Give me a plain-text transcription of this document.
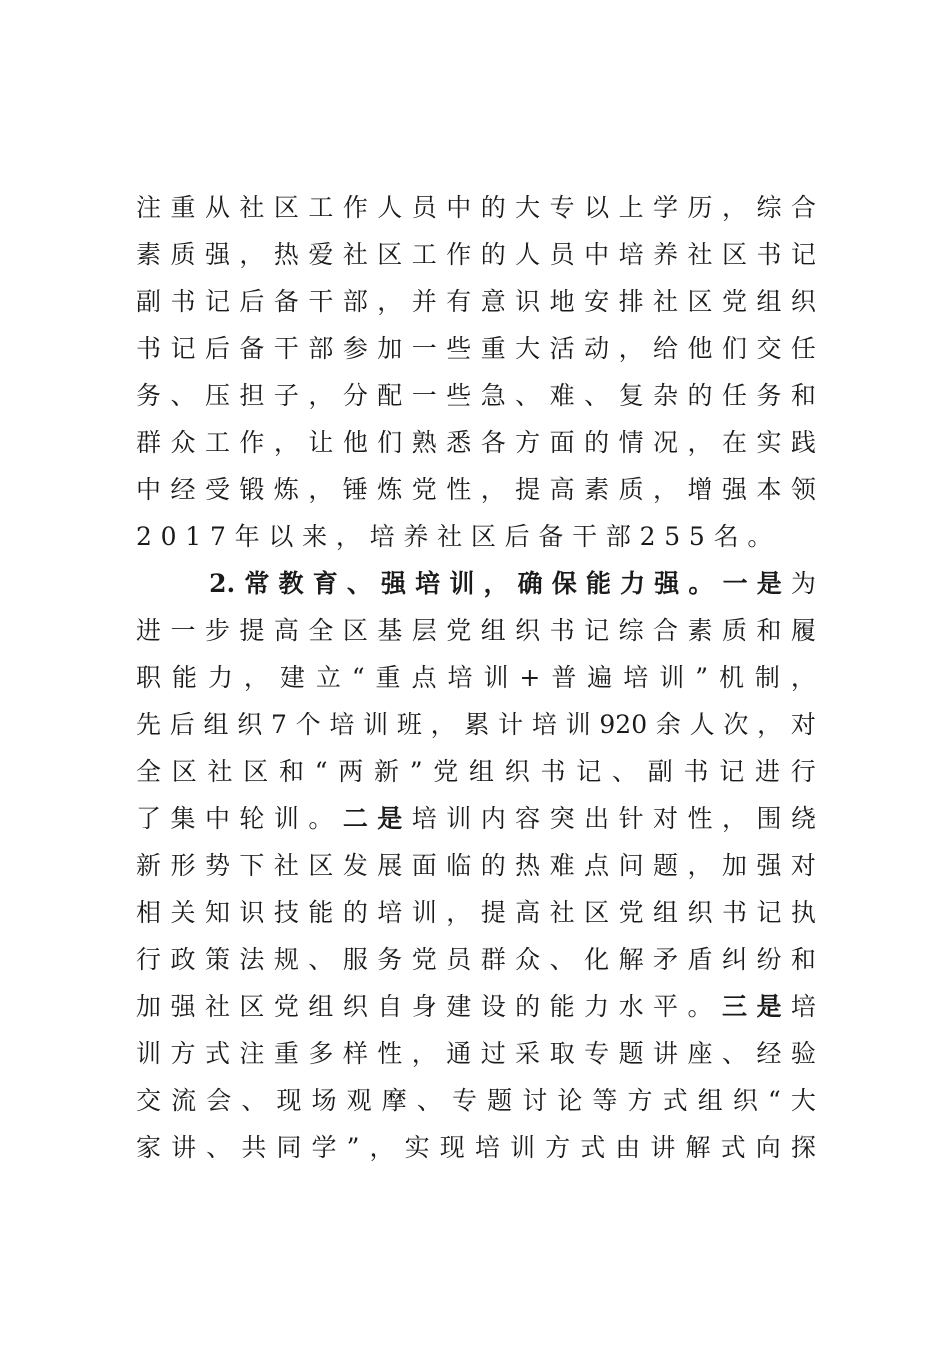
注 重 从 社 区 工 作 人 员 中 的 大 专 以 上 学 历 ， 综 合
素 质 强 ， 热 爱 社 区 工 作 的 人 员 中 培 养 社 区 书 记
副 书 记 后 备 干 部 ， 并 有 意 识 地 安 排 社 区 党 组 织
书 记 后 备 干 部 参 加 一 些 重 大 活 动 ， 给 他 们 交 任
务 、 压 担 子 ， 分 配 一 些 急 、 难 、 复 杂 的 任 务 和
群 众 工 作 ， 让 他 们 熟 悉 各 方 面 的 情 况 ， 在 实 践
中 经 受 锻 炼 ， 锤 炼 党 性 ， 提 高 素 质 ， 增 强 本 领
2017年以来，培养社区后备干部255名。
2. 常 教 育 、 强 培 训 ， 确 保 能 力 强 。 一 是 为
进 一 步 提 高 全 区 基 层 党 组 织 书 记 综 合 素 质 和 履
职 能 力 ， 建 立 “ 重 点 培 训 + 普 遍 培 训 ” 机 制 ，
先 后 组 织 7 个 培 训 班 ， 累 计 培 训 920 余 人 次 ， 对
全 区 社 区 和 “ 两 新 ” 党 组 织 书 记 、 副 书 记 进 行
了 集 中 轮 训 。 二 是 培 训 内 容 突 出 针 对 性 ， 围 绕
新 形 势 下 社 区 发 展 面 临 的 热 难 点 问 题 ， 加 强 对
相 关 知 识 技 能 的 培 训 ， 提 高 社 区 党 组 织 书 记 执
行 政 策 法 规 、 服 务 党 员 群 众 、 化 解 矛 盾 纠 纷 和
加 强 社 区 党 组 织 自 身 建 设 的 能 力 水 平 。 三 是 培
训 方 式 注 重 多 样 性 ， 通 过 采 取 专 题 讲 座 、 经 验
交 流 会 、 现 场 观 摩 、 专 题 讨 论 等 方 式 组 织 “ 大
家 讲 、 共 同 学 ” ， 实 现 培 训 方 式 由 讲 解 式 向 探
